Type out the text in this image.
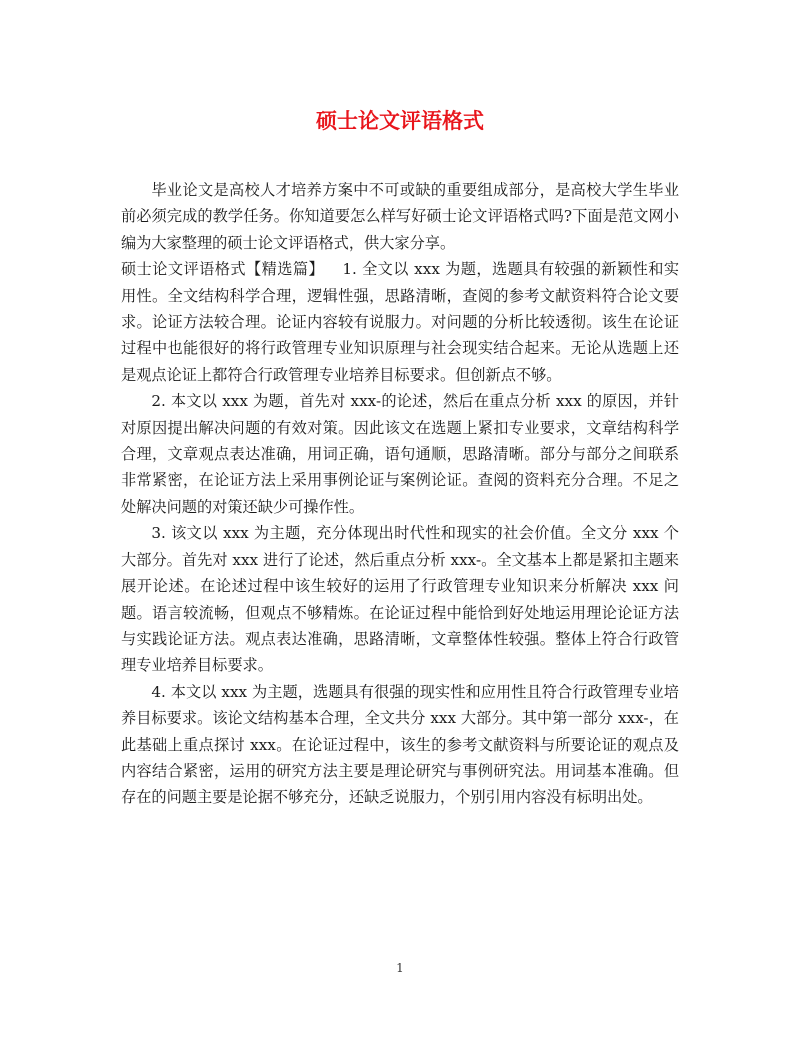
硕士论文评语格式

毕业论文是高校人才培养方案中不可或缺的重要组成部分，是高校大学生毕业前必须完成的教学任务。你知道要怎么样写好硕士论文评语格式吗?下面是范文网小编为大家整理的硕士论文评语格式，供大家分享。

硕士论文评语格式【精选篇】 1. 全文以 xxx 为题，选题具有较强的新颖性和实用性。全文结构科学合理，逻辑性强，思路清晰，查阅的参考文献资料符合论文要求。论证方法较合理。论证内容较有说服力。对问题的分析比较透彻。该生在论证过程中也能很好的将行政管理专业知识原理与社会现实结合起来。无论从选题上还是观点论证上都符合行政管理专业培养目标要求。但创新点不够。

2. 本文以 xxx 为题，首先对 xxx-的论述，然后在重点分析 xxx 的原因，并针对原因提出解决问题的有效对策。因此该文在选题上紧扣专业要求，文章结构科学合理，文章观点表达准确，用词正确，语句通顺，思路清晰。部分与部分之间联系非常紧密，在论证方法上采用事例论证与案例论证。查阅的资料充分合理。不足之处解决问题的对策还缺少可操作性。

3. 该文以 xxx 为主题，充分体现出时代性和现实的社会价值。全文分 xxx 个大部分。首先对 xxx 进行了论述，然后重点分析 xxx-。全文基本上都是紧扣主题来展开论述。在论述过程中该生较好的运用了行政管理专业知识来分析解决 xxx 问题。语言较流畅，但观点不够精炼。在论证过程中能恰到好处地运用理论论证方法与实践论证方法。观点表达准确，思路清晰，文章整体性较强。整体上符合行政管理专业培养目标要求。

4. 本文以 xxx 为主题，选题具有很强的现实性和应用性且符合行政管理专业培养目标要求。该论文结构基本合理，全文共分 xxx 大部分。其中第一部分 xxx-，在此基础上重点探讨 xxx。在论证过程中，该生的参考文献资料与所要论证的观点及内容结合紧密，运用的研究方法主要是理论研究与事例研究法。用词基本准确。但存在的问题主要是论据不够充分，还缺乏说服力，个别引用内容没有标明出处。

1
